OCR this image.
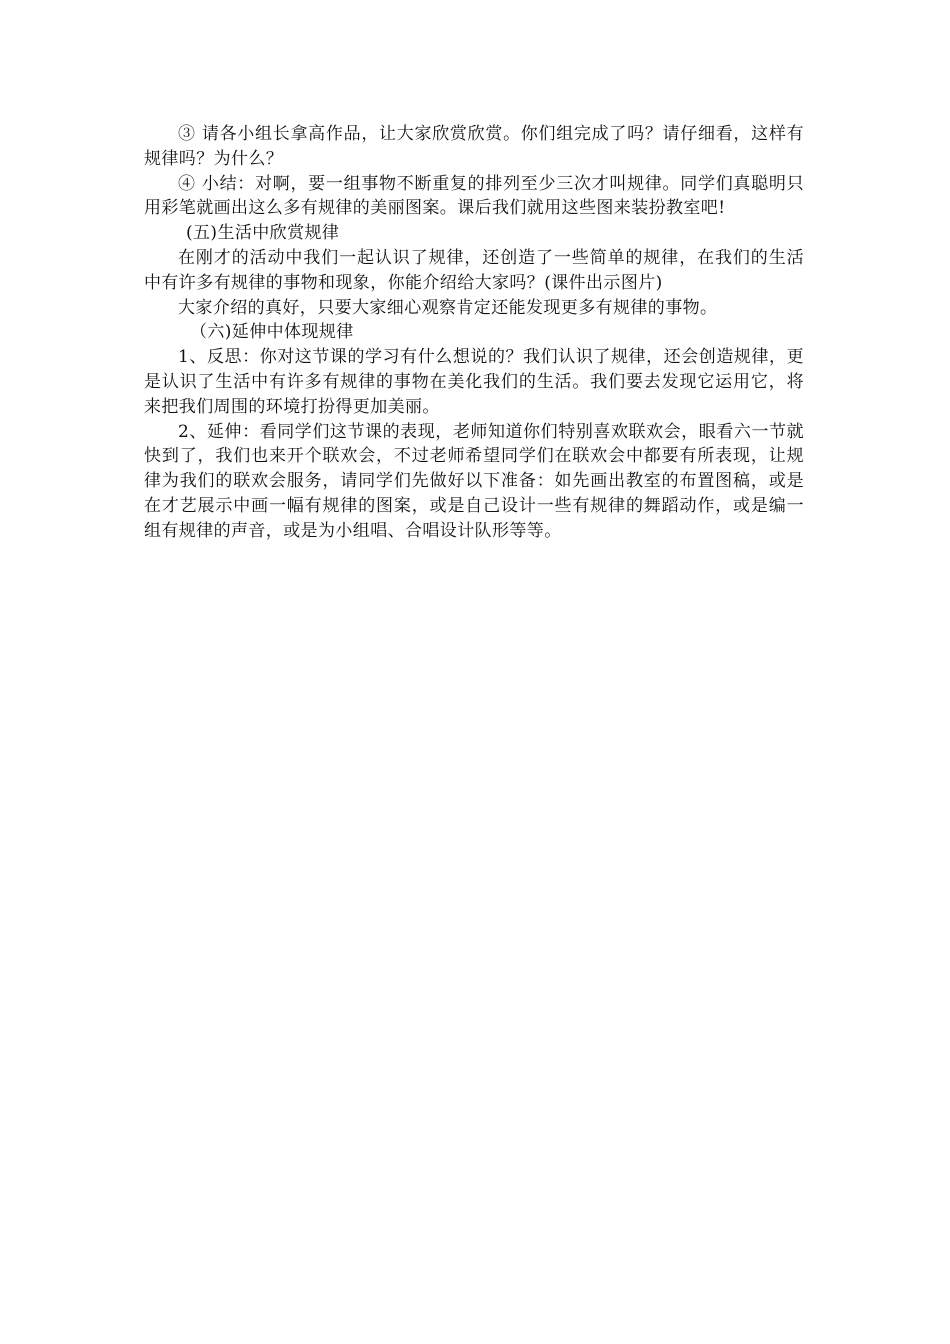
③ 请各小组长拿高作品，让大家欣赏欣赏。你们组完成了吗？请仔细看，这样有规律吗？为什么？

④ 小结：对啊，要一组事物不断重复的排列至少三次才叫规律。同学们真聪明只用彩笔就画出这么多有规律的美丽图案。课后我们就用这些图来装扮教室吧!

(五)生活中欣赏规律

在刚才的活动中我们一起认识了规律，还创造了一些简单的规律，在我们的生活中有许多有规律的事物和现象，你能介绍给大家吗？(课件出示图片)

大家介绍的真好，只要大家细心观察肯定还能发现更多有规律的事物。

（六)延伸中体现规律

1、反思：你对这节课的学习有什么想说的？我们认识了规律，还会创造规律，更是认识了生活中有许多有规律的事物在美化我们的生活。我们要去发现它运用它，将来把我们周围的环境打扮得更加美丽。

2、延伸：看同学们这节课的表现，老师知道你们特别喜欢联欢会，眼看六一节就快到了，我们也来开个联欢会，不过老师希望同学们在联欢会中都要有所表现，让规律为我们的联欢会服务，请同学们先做好以下准备：如先画出教室的布置图稿，或是在才艺展示中画一幅有规律的图案，或是自己设计一些有规律的舞蹈动作，或是编一组有规律的声音，或是为小组唱、合唱设计队形等等。
